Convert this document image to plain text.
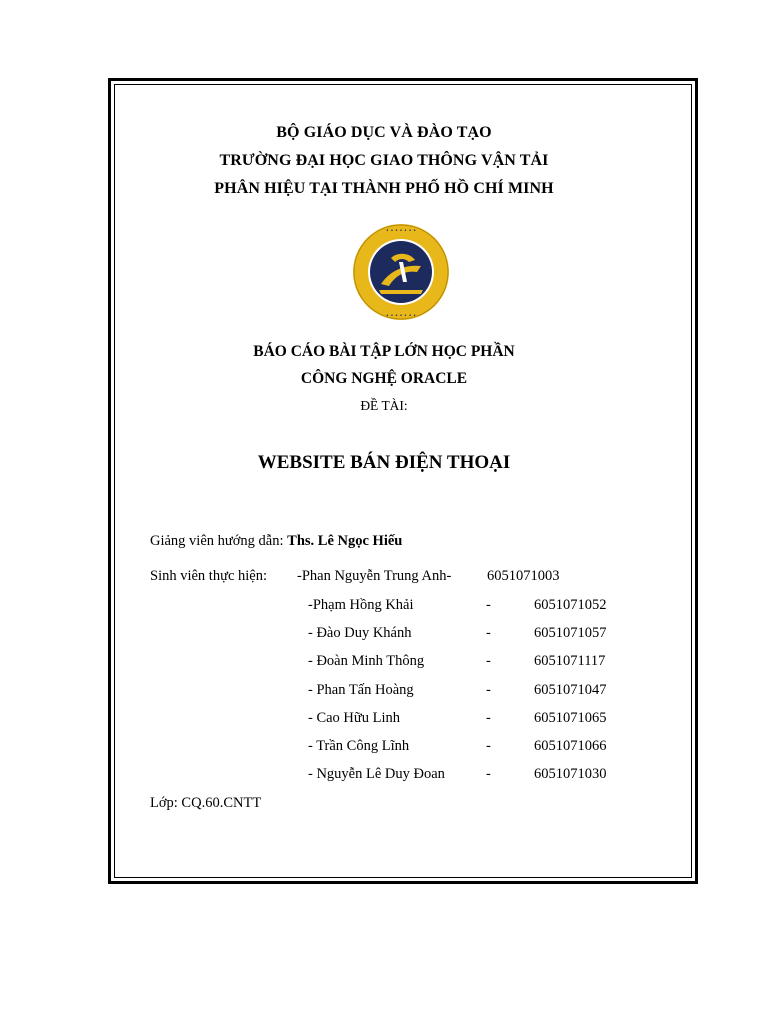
BỘ GIÁO DỤC VÀ ĐÀO TẠO
TRƯỜNG ĐẠI HỌC GIAO THÔNG VẬN TẢI
PHÂN HIỆU TẠI THÀNH PHỐ HỒ CHÍ MINH
• • • • • • •
• • • • • • •
BÁO CÁO BÀI TẬP LỚN HỌC PHẦN
CÔNG NGHỆ ORACLE
ĐỀ TÀI:
WEBSITE BÁN ĐIỆN THOẠI
Giảng viên hướng dẫn: Ths. Lê Ngọc Hiếu
Sinh viên thực hiện: -Phan Nguyễn Trung Anh- 6051071003
-Phạm Hồng Khải	-	6051071052
- Đào Duy Khánh	-	6051071057
- Đoàn Minh Thông	-	6051071117
- Phan Tấn Hoàng	-	6051071047
- Cao Hữu Linh	-	6051071065
- Trần Công Lĩnh	-	6051071066
- Nguyễn Lê Duy Đoan	-	6051071030
Lớp: CQ.60.CNTT
